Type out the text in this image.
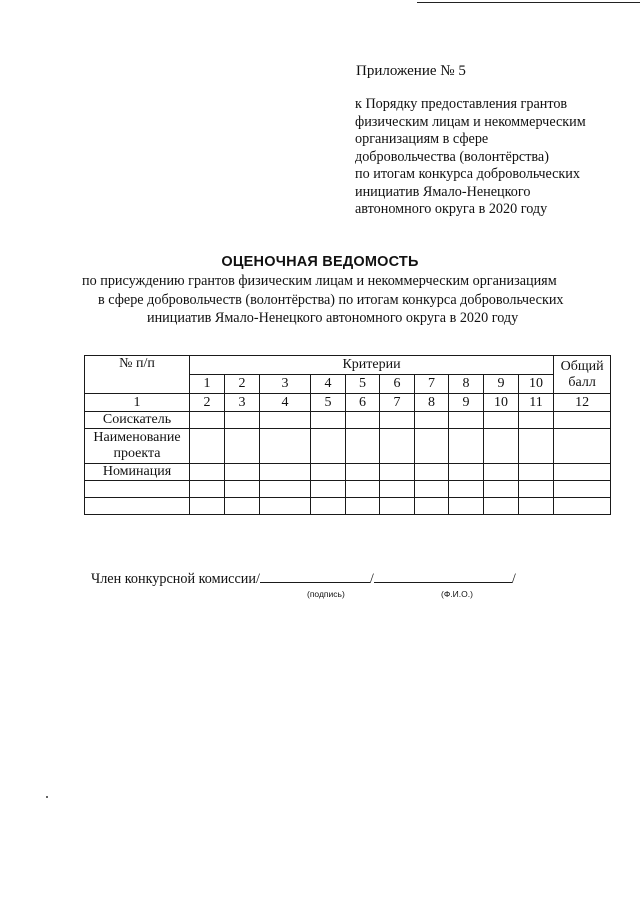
Приложение № 5
к Порядку предоставления грантов
физическим лицам и некоммерческим
организациям в сфере
добровольчества (волонтёрства)
по итогам конкурса добровольческих
инициатив Ямало-Ненецкого
автономного округа в 2020 году
ОЦЕНОЧНАЯ ВЕДОМОСТЬ
по присуждению грантов физическим лицам и некоммерческим организациям
в сфере добровольчеств (волонтёрства) по итогам конкурса добровольческих
инициатив Ямало-Ненецкого автономного округа в 2020 году
№ п/п	Критерии										Общий
балл

	1	2	3	4	5	6	7	8	9	10	
1	2	3	4	5	6	7	8	9	10	11	12
Соискатель											

Наименование
проекта											

Номинация											

Член конкурсной комиссии/	/	/
(подпись)	(Ф.И.О.)
